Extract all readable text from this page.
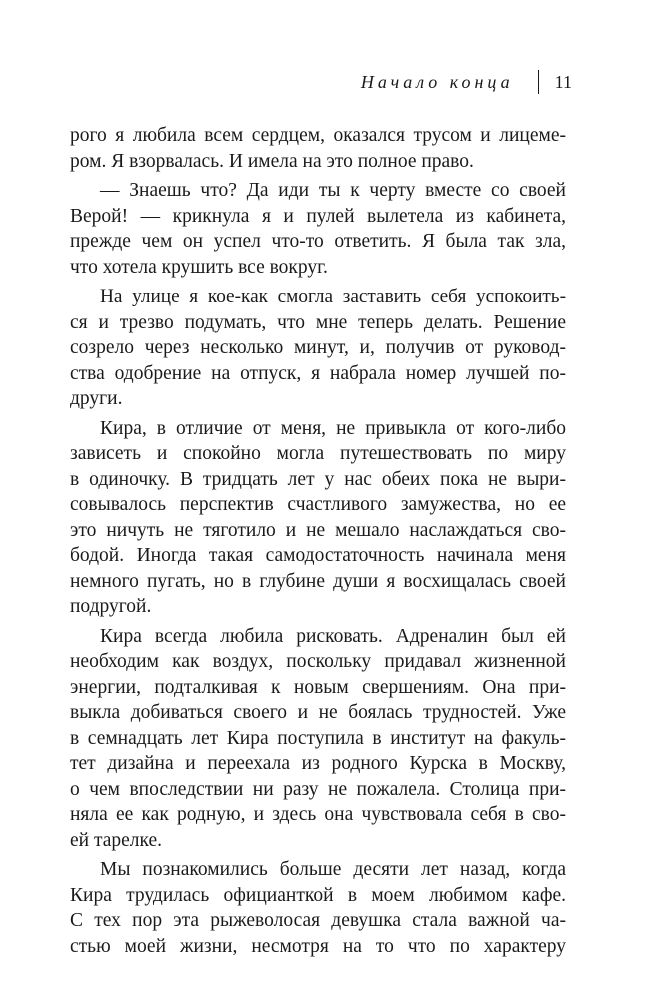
Начало конца 11

рого я любила всем сердцем, оказался трусом и лицеме-
ром. Я взорвалась. И имела на это полное право.

— Знаешь что? Да иди ты к черту вместе со своей
Верой! — крикнула я и пулей вылетела из кабинета,
прежде чем он успел что-то ответить. Я была так зла,
что хотела крушить все вокруг.

На улице я кое-как смогла заставить себя успокоить-
ся и трезво подумать, что мне теперь делать. Решение
созрело через несколько минут, и, получив от руковод-
ства одобрение на отпуск, я набрала номер лучшей по-
други.

Кира, в отличие от меня, не привыкла от кого-либо
зависеть и спокойно могла путешествовать по миру
в одиночку. В тридцать лет у нас обеих пока не выри-
совывалось перспектив счастливого замужества, но ее
это ничуть не тяготило и не мешало наслаждаться сво-
бодой. Иногда такая самодостаточность начинала меня
немного пугать, но в глубине души я восхищалась своей
подругой.

Кира всегда любила рисковать. Адреналин был ей
необходим как воздух, поскольку придавал жизненной
энергии, подталкивая к новым свершениям. Она при-
выкла добиваться своего и не боялась трудностей. Уже
в семнадцать лет Кира поступила в институт на факуль-
тет дизайна и переехала из родного Курска в Москву,
о чем впоследствии ни разу не пожалела. Столица при-
няла ее как родную, и здесь она чувствовала себя в сво-
ей тарелке.

Мы познакомились больше десяти лет назад, когда
Кира трудилась официанткой в моем любимом кафе.
С тех пор эта рыжеволосая девушка стала важной ча-
стью моей жизни, несмотря на то что по характеру
